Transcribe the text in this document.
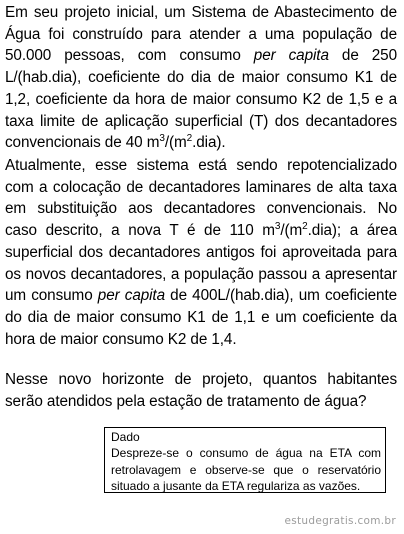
Em seu projeto inicial, um Sistema de Abastecimento de Água foi construído para atender a uma população de 50.000 pessoas, com consumo per capita de 250 L/(hab.dia), coeficiente do dia de maior consumo K1 de 1,2, coeficiente da hora de maior consumo K2 de 1,5 e a taxa limite de aplicação superficial (T) dos decantadores convencionais de 40 $m^3/(m^2.dia)$.
Atualmente, esse sistema está sendo repotencializado com a colocação de decantadores laminares de alta taxa em substituição aos decantadores convencionais. No caso descrito, a nova T é de 110 $m^3/(m^2.dia)$; a área superficial dos decantadores antigos foi aproveitada para os novos decantadores, a população passou a apresentar um consumo per capita de 400L/(hab.dia), um coeficiente do dia de maior consumo K1 de 1,1 e um coeficiente da hora de maior consumo K2 de 1,4.
Nesse novo horizonte de projeto, quantos habitantes serão atendidos pela estação de tratamento de água?
Dado
Despreze-se o consumo de água na ETA com retrolavagem e observe-se que o reservatório situado a jusante da ETA regulariza as vazões.
estudegratis.com.br
